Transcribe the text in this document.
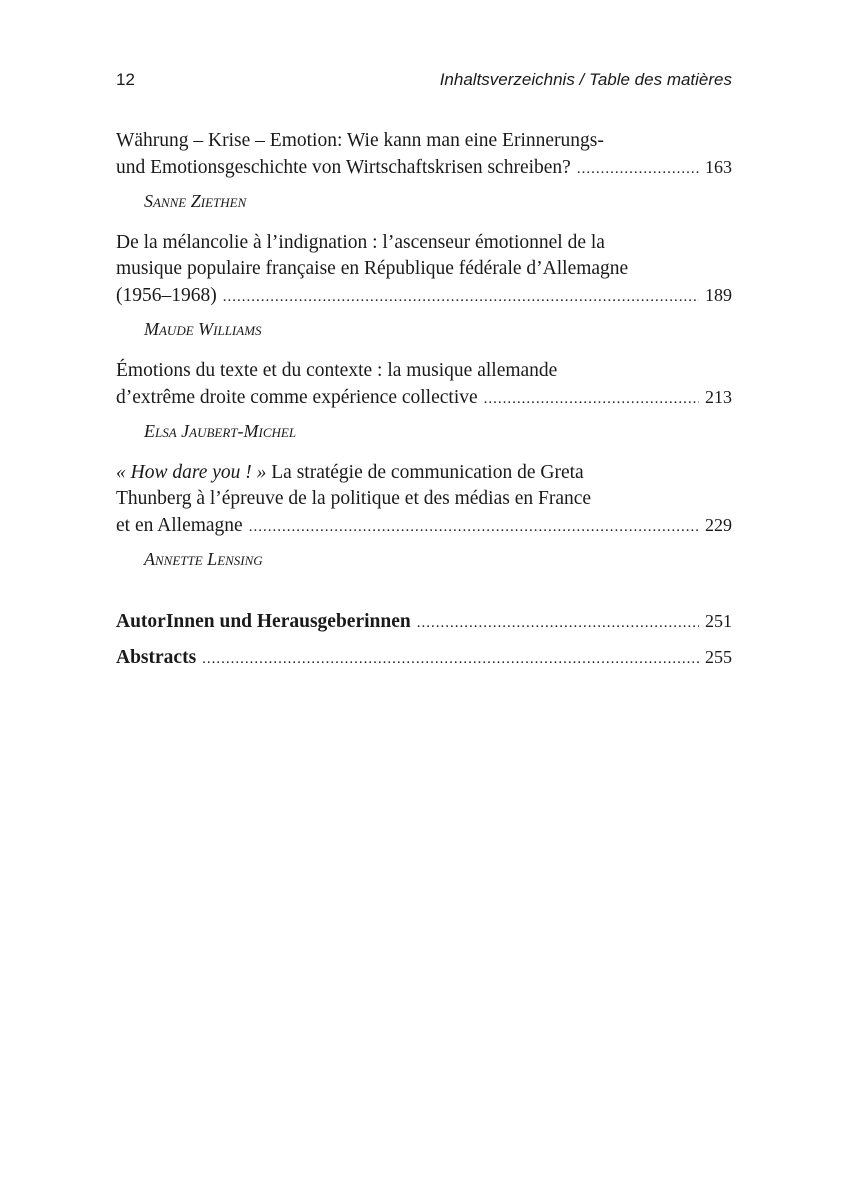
12	Inhaltsverzeichnis / Table des matières
Währung – Krise – Emotion: Wie kann man eine Erinnerungs-
und Emotionsgeschichte von Wirtschaftskrisen schreiben? .....	163
Sanne Ziethen
De la mélancolie à l’indignation : l’ascenseur émotionnel de la
musique populaire française en République fédérale d’Allemagne
(1956–1968) .....	189
Maude Williams
Émotions du texte et du contexte : la musique allemande
d’extrême droite comme expérience collective .....	213
Elsa Jaubert-Michel
« How dare you ! » La stratégie de communication de Greta
Thunberg à l’épreuve de la politique et des médias en France
et en Allemagne .....	229
Annette Lensing
AutorInnen und Herausgeberinnen .....	251
Abstracts .....	255
